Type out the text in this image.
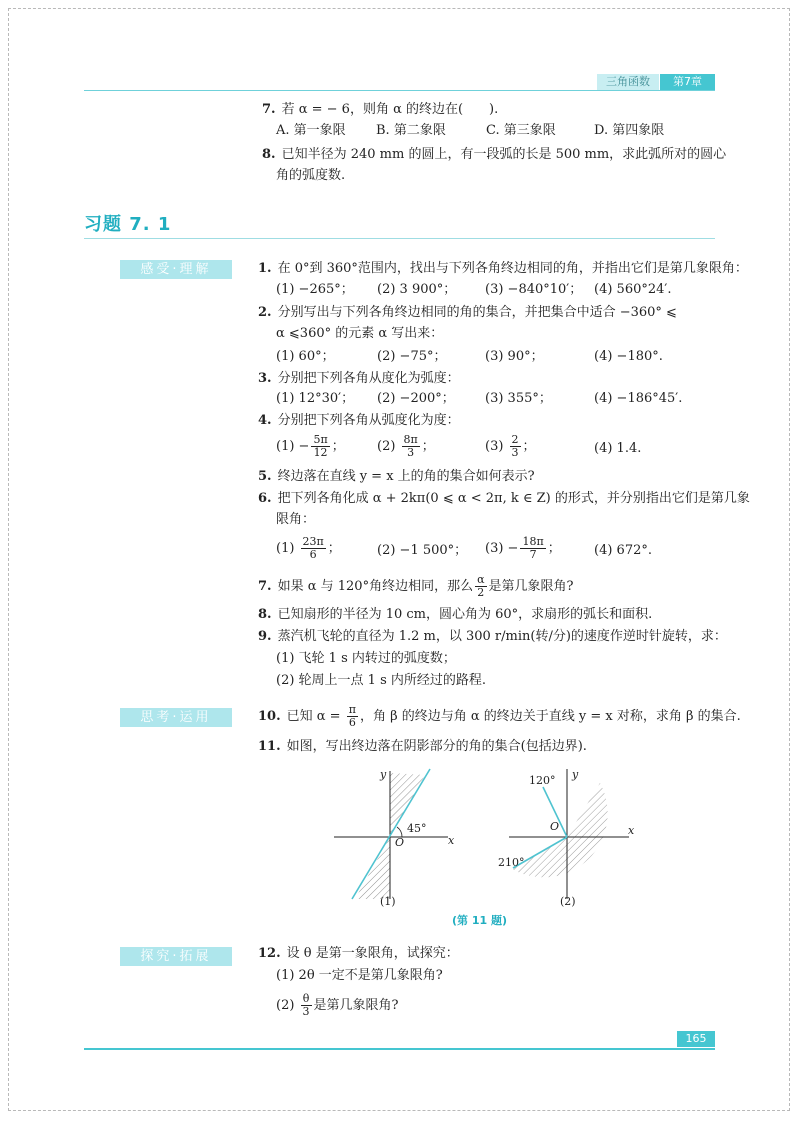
三角函数	第7章
7. 若 α = − 6，则角 α 的终边在(　　).
A. 第一象限 B. 第二象限	C. 第三象限	D. 第四象限
8. 已知半径为 240 mm 的圆上，有一段弧的长是 500 mm，求此弧所对的圆心
角的弧度数.
习题 7. 1
感受·理解	1. 在 0°到 360°范围内，找出与下列各角终边相同的角，并指出它们是第几象限角：
(1) −265°； (2) 3 900°； (3) −840°10′； (4) 560°24′.
2. 分别写出与下列各角终边相同的角的集合，并把集合中适合 −360° ⩽
α ⩽360° 的元素 α 写出来：
(1) 60°；	(2) −75°；	(3) 90°；	(4) −180°.
3. 分别把下列各角从度化为弧度：
(1) 12°30′； (2) −200°； (3) 355°；	(4) −186°45′.
4. 分别把下列各角从弧度化为度：
$(1) - \frac{5\pi}{12}$ ； $(2) \frac{8\pi}{3}$ ；	$(3) \frac{2}{3}$ ；	(4) 1.4.
5. 终边落在直线 y = x 上的角的集合如何表示?
6. 把下列各角化成 α + 2kπ(0 ⩽ α < 2π, k ∈ Z) 的形式，并分别指出它们是第几象
限角：
$(1) \frac{23\pi}{6}$ ；	(2) −1 500°； $(3) - \frac{18\pi}{7}$ ；	(4) 672°.
7. 如果 α 与 120°角终边相同，那么 $\frac{\alpha}{2}$ 是第几象限角?
8. 已知扇形的半径为 10 cm，圆心角为 60°，求扇形的弧长和面积.
9. 蒸汽机飞轮的直径为 1.2 m，以 300 r/min(转/分)的速度作逆时针旋转，求：
(1) 飞轮 1 s 内转过的弧度数；
(2) 轮周上一点 1 s 内所经过的路程.
思考·运用	10. 已知 $\alpha = \frac{\pi}{6}$ ，角 β 的终边与角 α 的终边关于直线 y = x 对称，求角 β 的集合.
11. 如图，写出终边落在阴影部分的角的集合(包括边界).
y
x
O
45°
(1)
y
x
O
120°
210°
(2)
(第 11 题)
探究·拓展	12. 设 θ 是第一象限角，试探究：
(1) 2θ 一定不是第几象限角?
$(2) \frac{\theta}{3}$ 是第几象限角?
165
